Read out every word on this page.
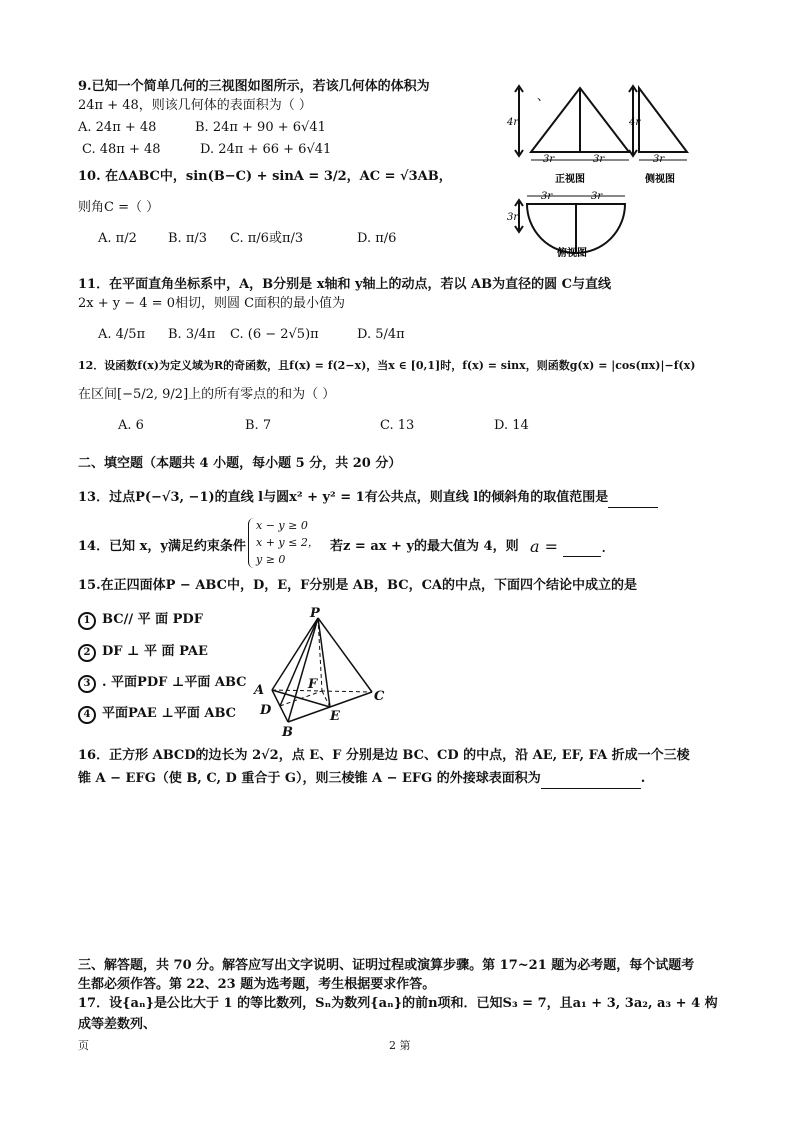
9.已知一个简单几何的三视图如图所示，若该几何体的体积为
24π + 48，则该几何体的表面积为（ ）
A. 24π + 48	B. 24π + 90 + 6√41
C. 48π + 48	D. 24π + 66 + 6√41
4r
3r	3r
、
正视图
4r
3r
侧视图
3r
3r	3r
俯视图
10. 在ΔABC中，sin(B−C) + sinA = 3/2，AC = √3AB，
则角C =（ ）
A. π/2 B. π/3 C. π/6或π/3	D. π/6
11．在平面直角坐标系中，A，B分别是 x轴和 y轴上的动点，若以 AB为直径的圆 C与直线
2x + y − 4 = 0相切，则圆 C面积的最小值为
A. 4/5π B. 3/4π C. (6 − 2√5)π	D. 5/4π
12．设函数f(x)为定义域为R的奇函数，且f(x) = f(2−x)，当x ∈ [0,1]时，f(x) = sinx，则函数g(x) = |cos(πx)|−f(x)
在区间[−5/2, 9/2]上的所有零点的和为（ ）
A. 6	B. 7	C. 13	D. 14
二、填空题（本题共 4 小题，每小题 5 分，共 20 分）
13．过点P(−√3, −1)的直线 l与圆x² + y² = 1有公共点，则直线 l的倾斜角的取值范围是
14．已知 x，y满足约束条件
x − y ≥ 0
x + y ≤ 2，
y ≥ 0
若z = ax + y的最大值为 4，则 a =  .
15.在正四面体P − ABC中，D，E，F分别是 AB，BC，CA的中点，下面四个结论中成立的是
1 BC// 平 面 PDF
2 DF ⊥ 平 面 PAE
3 . 平面PDF ⊥平面 ABC
4 平面PAE ⊥平面 ABC
P
A
B
C
D	E
F
16．正方形 ABCD的边长为 2√2，点 E、F 分别是边 BC、CD 的中点，沿 AE, EF, FA 折成一个三棱
锥 A − EFG（使 B, C, D 重合于 G），则三棱锥 A − EFG 的外接球表面积为	.
三、解答题，共 70 分。解答应写出文字说明、证明过程或演算步骤。第 17~21 题为必考题，每个试题考
生都必须作答。第 22、23 题为选考题，考生根据要求作答。
17．设{aₙ}是公比大于 1 的等比数列，Sₙ为数列{aₙ}的前n项和．已知S₃ = 7，且a₁ + 3, 3a₂, a₃ + 4 构
成等差数列、
页	2 第
